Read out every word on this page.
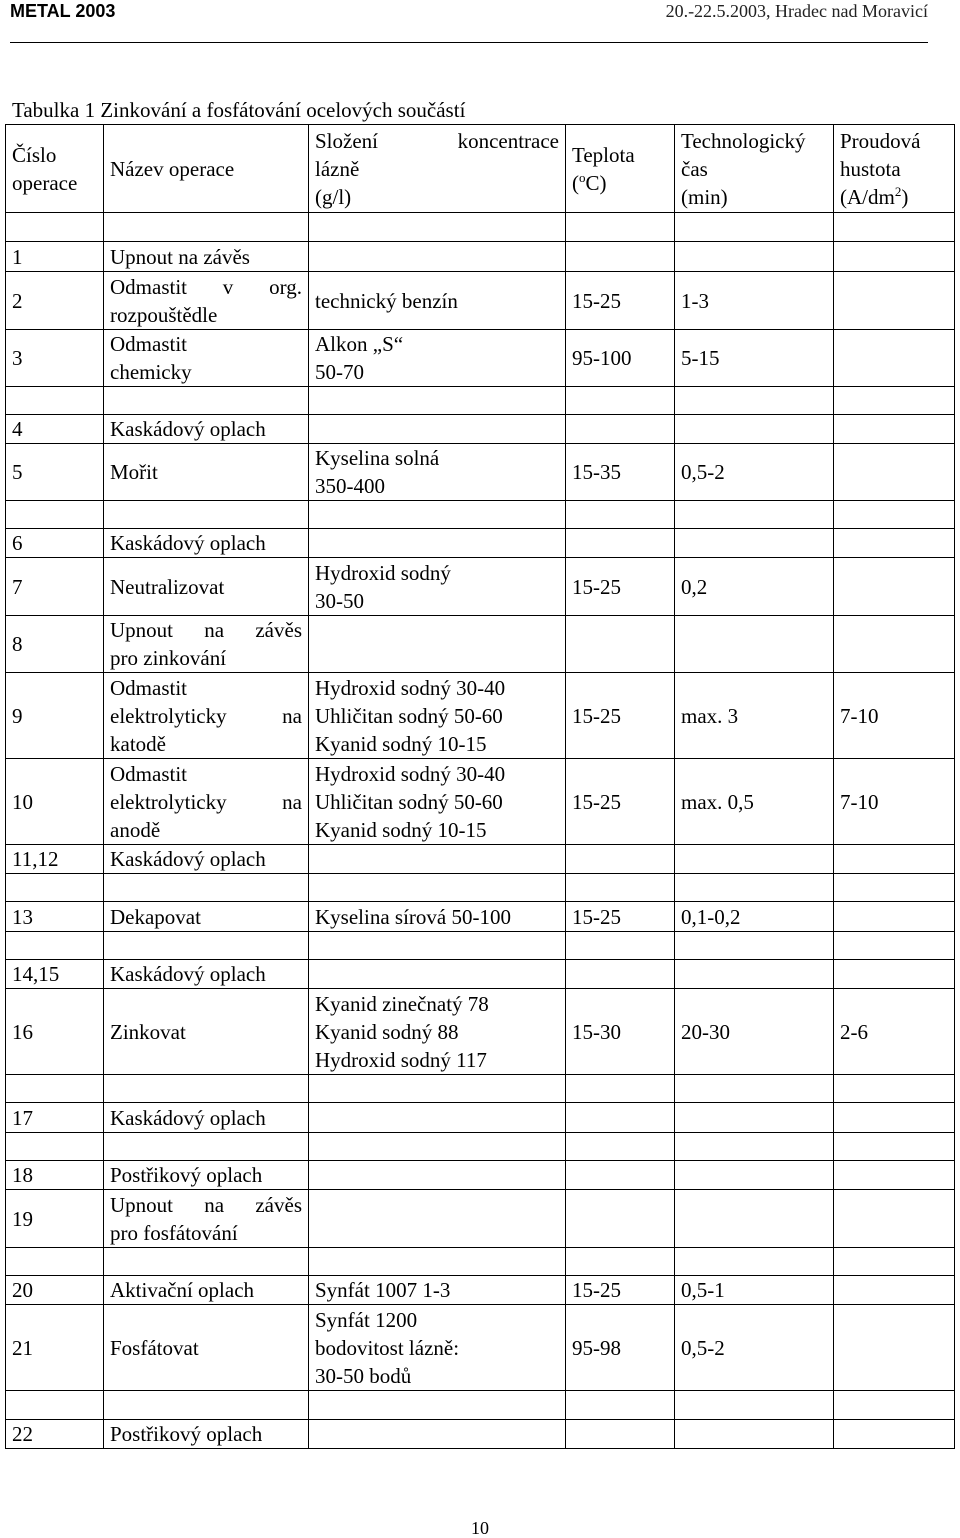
METAL 2003	20.-22.5.2003, Hradec nad Moravicí
Tabulka 1 Zinkování a fosfátování ocelových součástí
Číslo
operace	Název operace	Složení koncentrace
lázně
(g/l)	Teplota
($^o$C)	Technologický
čas
(min)	Proudová
hustota
$(A/dm^2)$

1	Upnout na závěs				

2	Odmastit v org.
rozpouštědle	technický benzín	15-25	1-3	

3	Odmastit
chemicky	Alkon „S“
50-70	95-100	5-15	

4	Kaskádový oplach				

5	Mořit	Kyselina solná
350-400	15-35	0,5-2	

6	Kaskádový oplach				

7	Neutralizovat	Hydroxid sodný
30-50	15-25	0,2	

8	Upnout na závěs
pro zinkování				

9	Odmastit
elektrolyticky na
katodě	Hydroxid sodný 30-40
Uhličitan sodný 50-60
Kyanid sodný 10-15	15-25	max. 3	7-10

10	Odmastit
elektrolyticky na
anodě	Hydroxid sodný 30-40
Uhličitan sodný 50-60
Kyanid sodný 10-15	15-25	max. 0,5	7-10

11,12	Kaskádový oplach				

13	Dekapovat	Kyselina sírová 50-100	15-25	0,1-0,2	

14,15	Kaskádový oplach				

16	Zinkovat	Kyanid zinečnatý 78
Kyanid sodný 88
Hydroxid sodný 117	15-30	20-30	2-6

17	Kaskádový oplach				

18	Postřikový oplach				

19	Upnout na závěs
pro fosfátování				

20	Aktivační oplach	Synfát 1007 1-3	15-25	0,5-1	

21	Fosfátovat	Synfát 1200
bodovitost lázně:
30-50 bodů	95-98	0,5-2	

22	Postřikový oplach				

10
